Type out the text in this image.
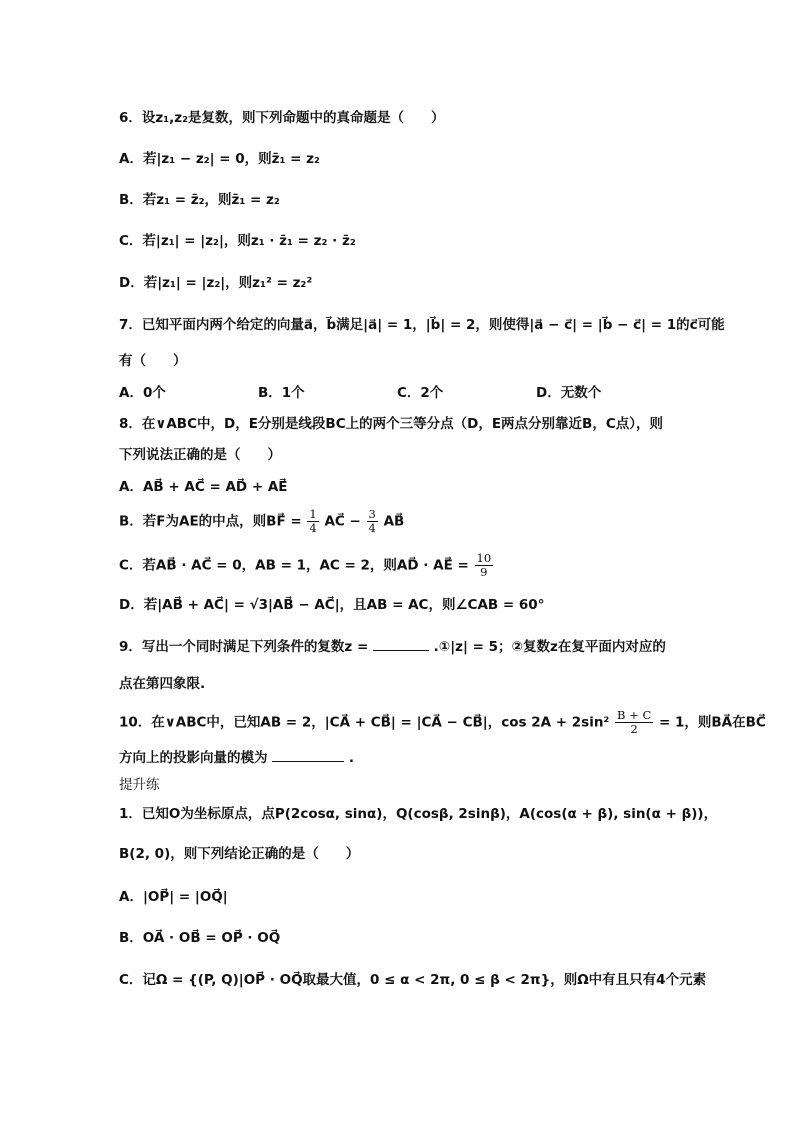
6．设z₁,z₂是复数，则下列命题中的真命题是（　　）
A．若|z₁ − z₂| = 0，则z̄₁ = z₂
B．若z₁ = z̄₂，则z̄₁ = z₂
C．若|z₁| = |z₂|，则z₁ · z̄₁ = z₂ · z̄₂
D．若|z₁| = |z₂|，则z₁² = z₂²
7．已知平面内两个给定的向量a⃗，b⃗满足|a⃗| = 1，|b⃗| = 2，则使得|a⃗ − c⃗| = |b⃗ − c⃗| = 1的c⃗可能
有（　　）
A．0个	B．1个	C．2个	D．无数个
8．在∨ABC中，D，E分别是线段BC上的两个三等分点（D，E两点分别靠近B，C点），则
下列说法正确的是（　　）
A．AB⃗ + AC⃗ = AD⃗ + AE⃗
B．若F为AE的中点，则BF⃗ = $\frac{1}{4}$ AC⃗ − $\frac{3}{4}$ AB⃗
C．若AB⃗ · AC⃗ = 0，AB = 1，AC = 2，则AD⃗ · AE⃗ = $\frac{10}{9}$
D．若|AB⃗ + AC⃗| = √3|AB⃗ − AC⃗|，且AB = AC，则∠CAB = 60°
9．写出一个同时满足下列条件的复数z =	.①|z| = 5；②复数z在复平面内对应的
点在第四象限.
10．在∨ABC中，已知AB = 2，|CA⃗ + CB⃗| = |CA⃗ − CB⃗|，$\cos 2A + 2\sin^2 \frac{B + C}{2} = 1$，则BA⃗在BC⃗
方向上的投影向量的模为	.
提升练
1．已知O为坐标原点，点P(2cosα, sinα)，Q(cosβ, 2sinβ)，A(cos(α + β), sin(α + β))，
B(2, 0)，则下列结论正确的是（　　）
A．|OP⃗| = |OQ⃗|
B．OA⃗ · OB⃗ = OP⃗ · OQ⃗
C．记Ω = {(P, Q)|OP⃗ · OQ⃗取最大值，0 ≤ α < 2π, 0 ≤ β < 2π}，则Ω中有且只有4个元素
